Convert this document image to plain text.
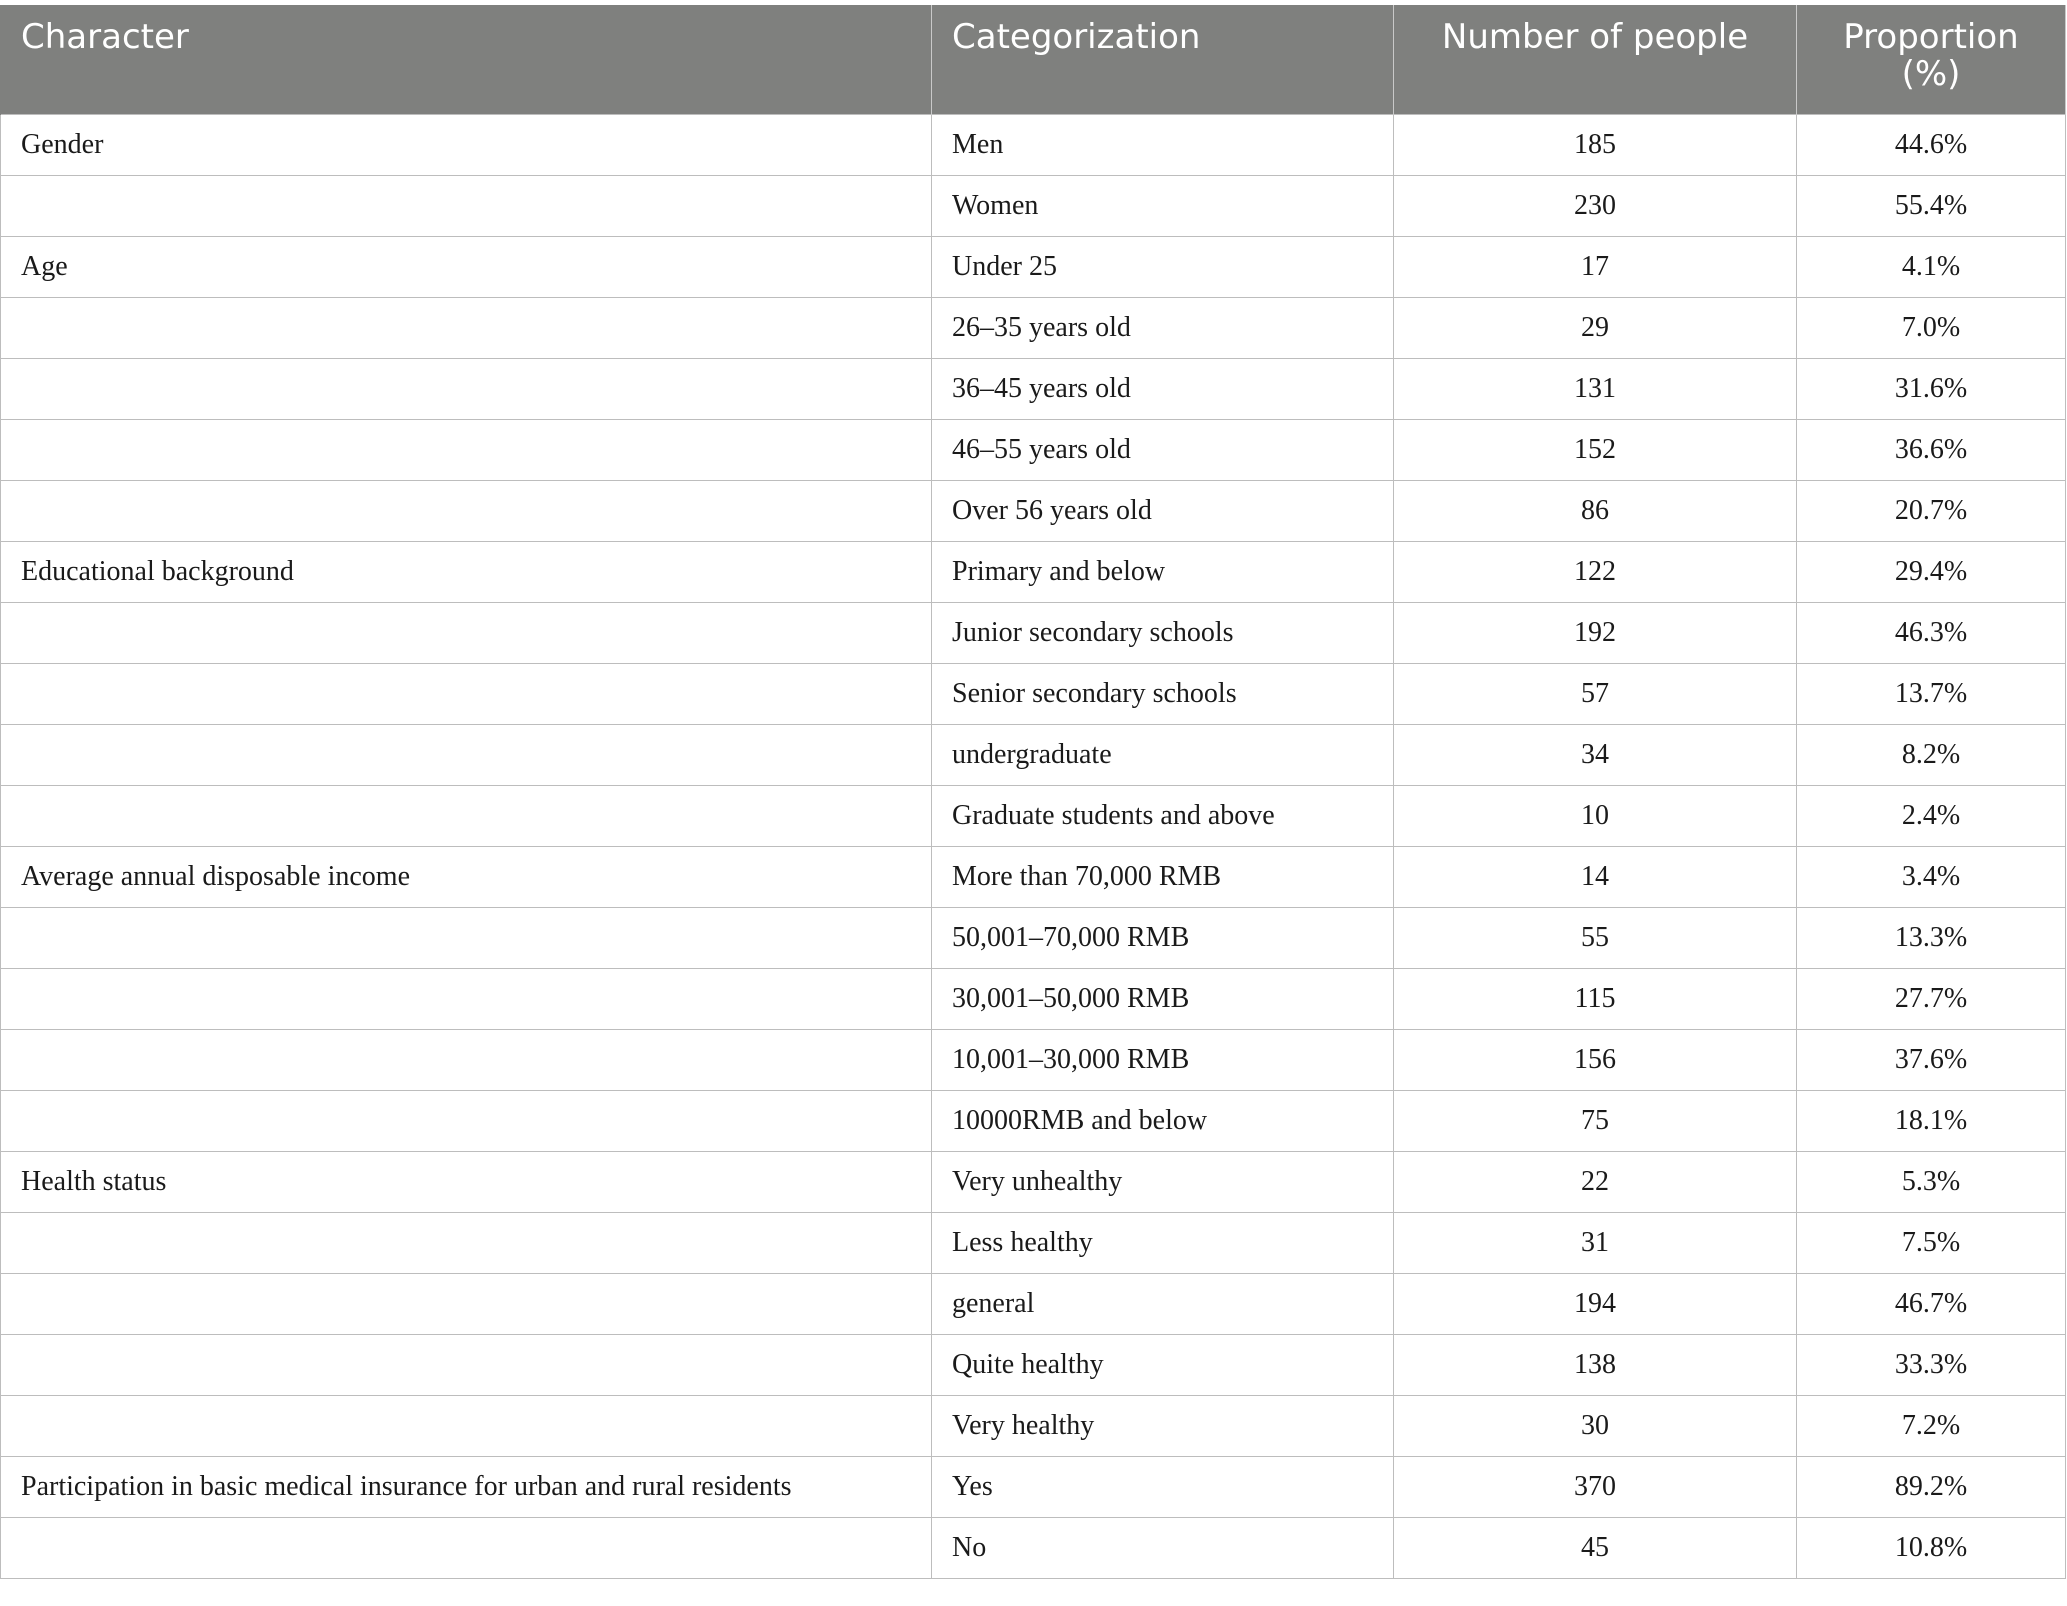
Character	Categorization	Number of people	Proportion
(%)
Gender	Men	185	44.6%
	Women	230	55.4%
Age	Under 25	17	4.1%
	26–35 years old	29	7.0%
	36–45 years old	131	31.6%
	46–55 years old	152	36.6%
	Over 56 years old	86	20.7%
Educational background	Primary and below	122	29.4%
	Junior secondary schools	192	46.3%
	Senior secondary schools	57	13.7%
	undergraduate	34	8.2%
	Graduate students and above	10	2.4%
Average annual disposable income	More than 70,000 RMB	14	3.4%
	50,001–70,000 RMB	55	13.3%
	30,001–50,000 RMB	115	27.7%
	10,001–30,000 RMB	156	37.6%
	10000RMB and below	75	18.1%
Health status	Very unhealthy	22	5.3%
	Less healthy	31	7.5%
	general	194	46.7%
	Quite healthy	138	33.3%
	Very healthy	30	7.2%
Participation in basic medical insurance for urban and rural residents	Yes	370	89.2%
	No	45	10.8%
